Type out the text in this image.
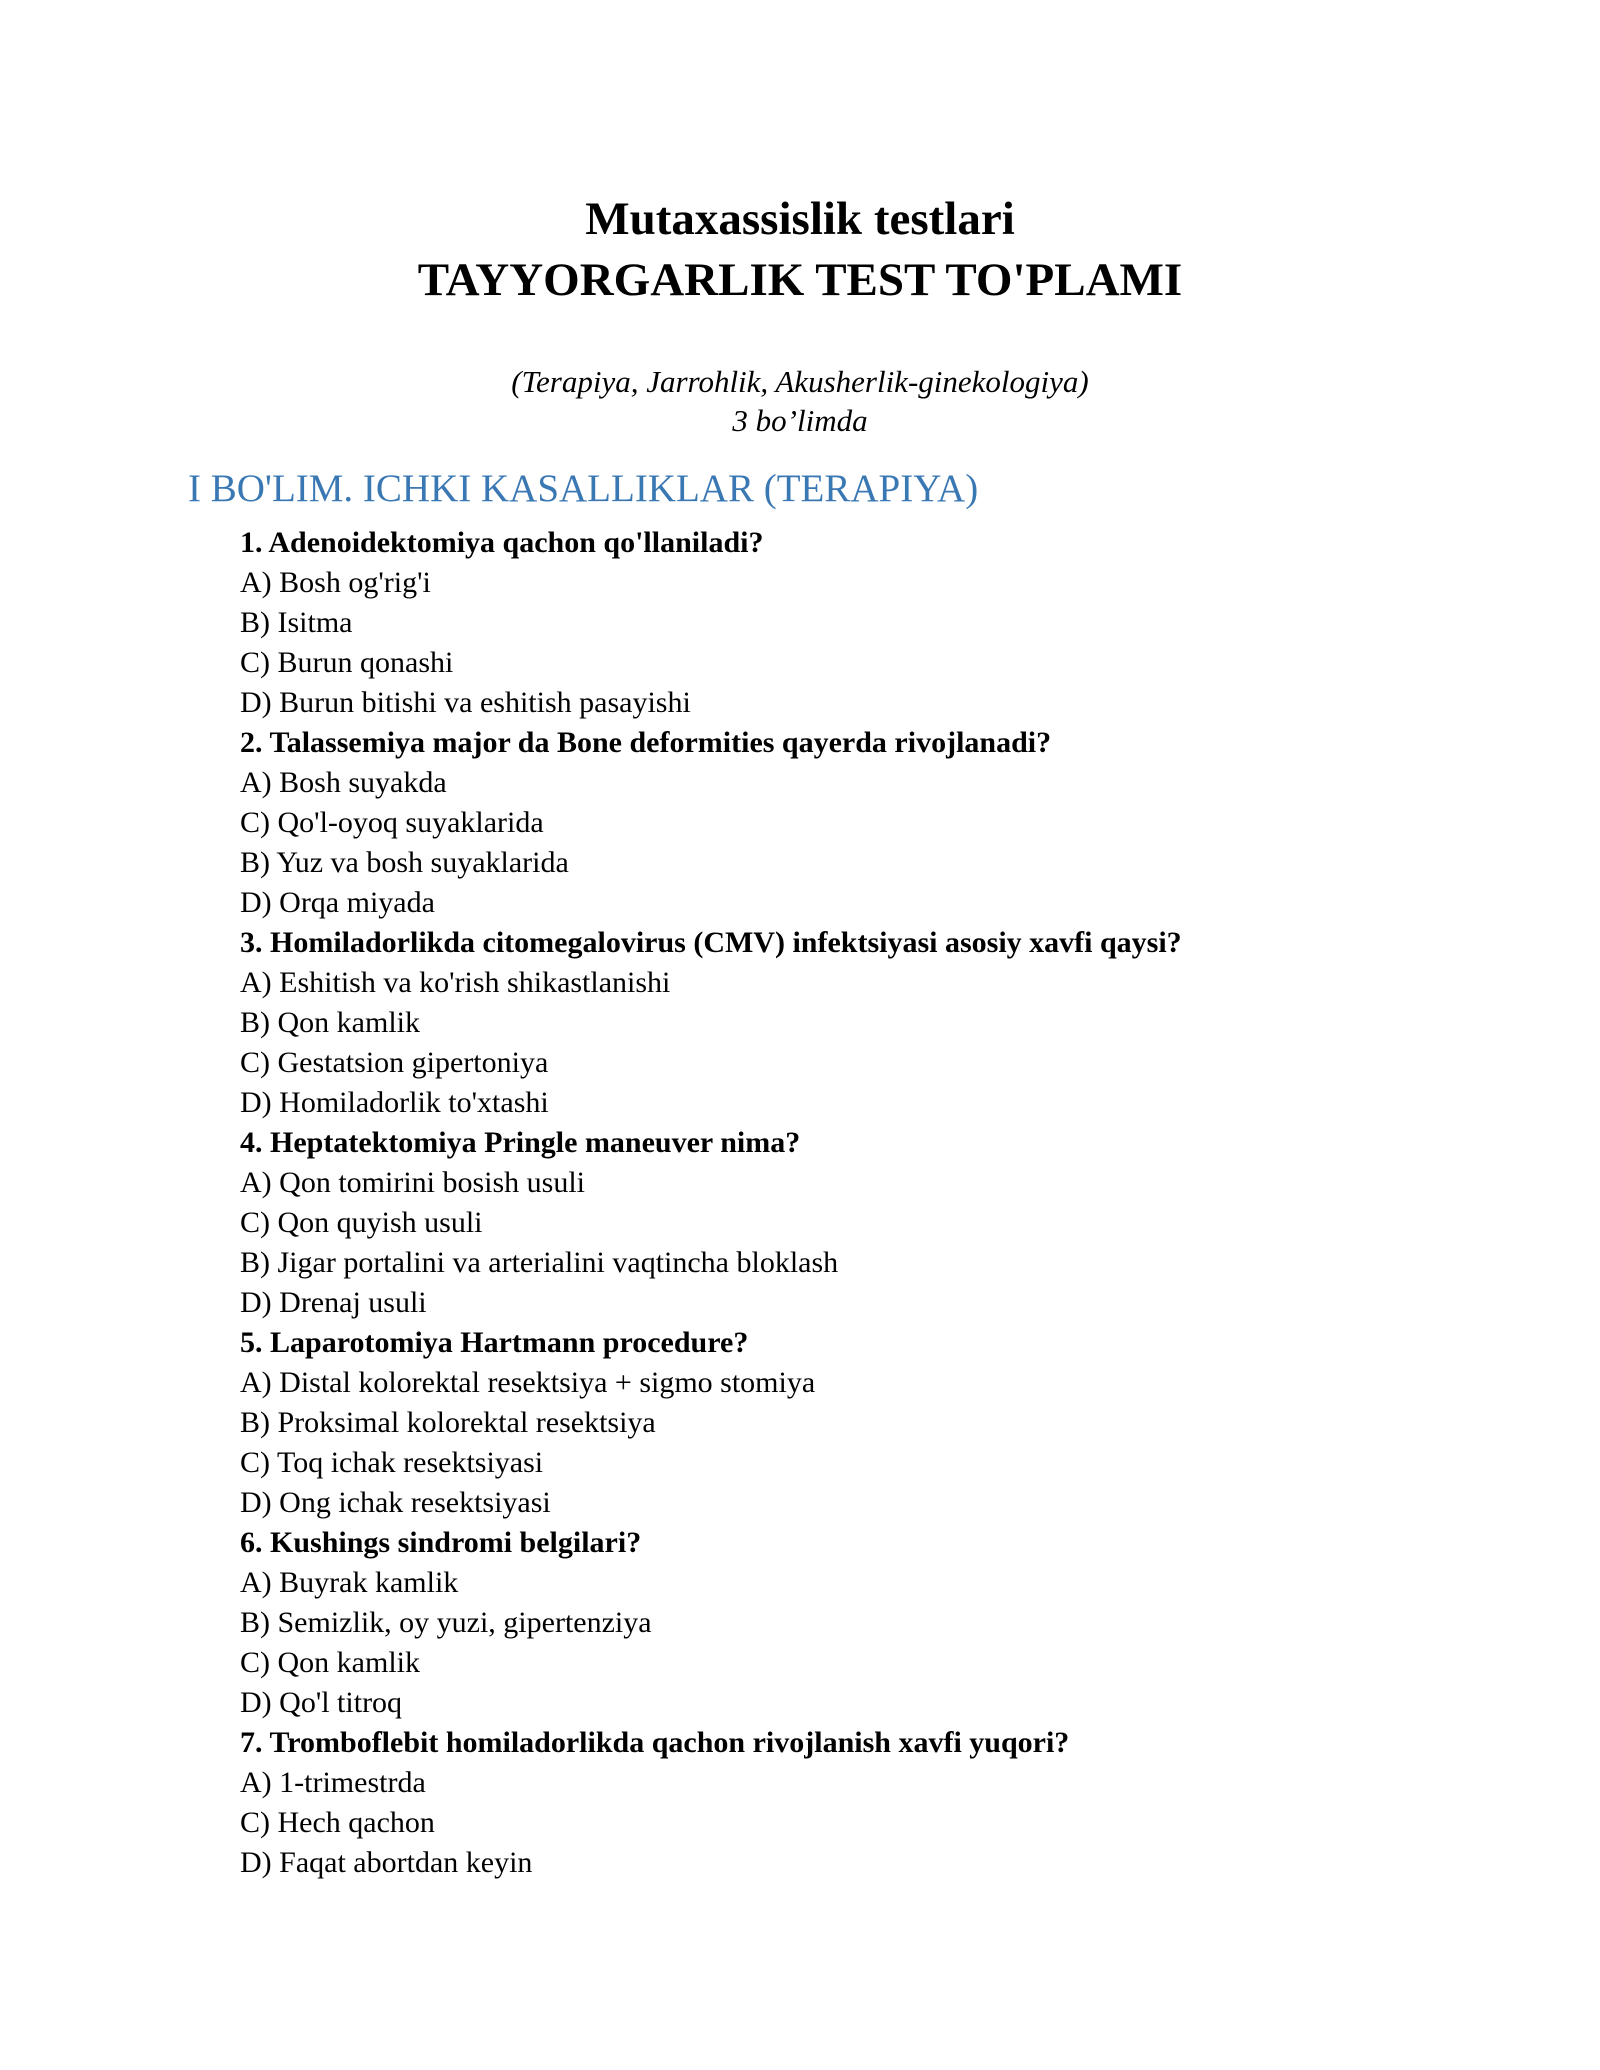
Mutaxassislik testlari
TAYYORGARLIK TEST TO'PLAMI
(Terapiya, Jarrohlik, Akusherlik-ginekologiya)
3 bo’limda
I BO'LIM. ICHKI KASALLIKLAR (TERAPIYA)
1. Adenoidektomiya qachon qo'llaniladi?
A) Bosh og'rig'i
B) Isitma
C) Burun qonashi
D) Burun bitishi va eshitish pasayishi
2. Talassemiya major da Bone deformities qayerda rivojlanadi?
A) Bosh suyakda
C) Qo'l-oyoq suyaklarida
B) Yuz va bosh suyaklarida
D) Orqa miyada
3. Homiladorlikda citomegalovirus (CMV) infektsiyasi asosiy xavfi qaysi?
A) Eshitish va ko'rish shikastlanishi
B) Qon kamlik
C) Gestatsion gipertoniya
D) Homiladorlik to'xtashi
4. Heptatektomiya Pringle maneuver nima?
A) Qon tomirini bosish usuli
C) Qon quyish usuli
B) Jigar portalini va arterialini vaqtincha bloklash
D) Drenaj usuli
5. Laparotomiya Hartmann procedure?
A) Distal kolorektal resektsiya + sigmo stomiya
B) Proksimal kolorektal resektsiya
C) Toq ichak resektsiyasi
D) Ong ichak resektsiyasi
6. Kushings sindromi belgilari?
A) Buyrak kamlik
B) Semizlik, oy yuzi, gipertenziya
C) Qon kamlik
D) Qo'l titroq
7. Tromboflebit homiladorlikda qachon rivojlanish xavfi yuqori?
A) 1-trimestrda
C) Hech qachon
D) Faqat abortdan keyin
